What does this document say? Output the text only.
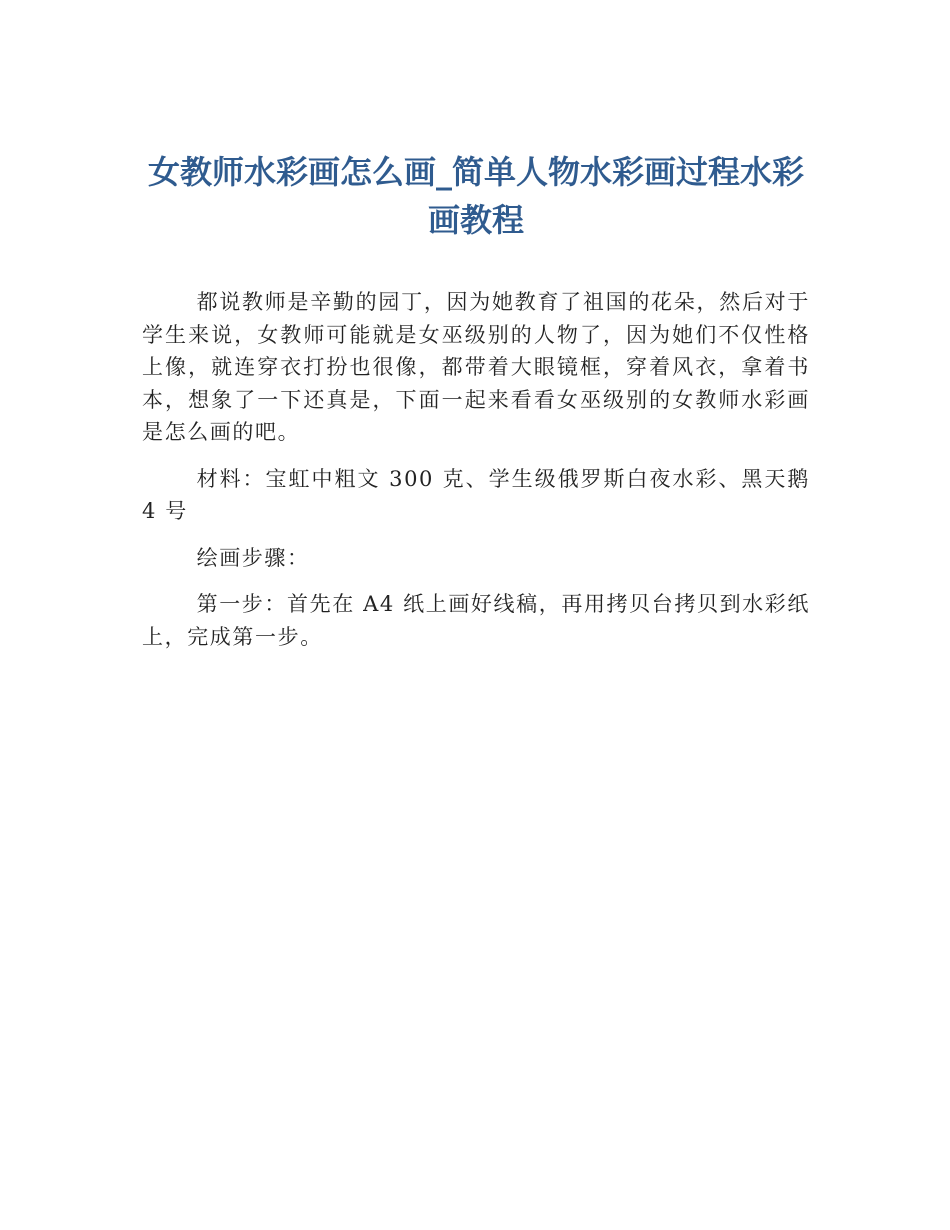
女教师水彩画怎么画_简单人物水彩画过程水彩画教程

都说教师是辛勤的园丁，因为她教育了祖国的花朵，然后对于学生来说，女教师可能就是女巫级别的人物了，因为她们不仅性格上像，就连穿衣打扮也很像，都带着大眼镜框，穿着风衣，拿着书本，想象了一下还真是，下面一起来看看女巫级别的女教师水彩画是怎么画的吧。

材料：宝虹中粗文 300 克、学生级俄罗斯白夜水彩、黑天鹅 4 号

绘画步骤：

第一步：首先在 A4 纸上画好线稿，再用拷贝台拷贝到水彩纸上，完成第一步。
